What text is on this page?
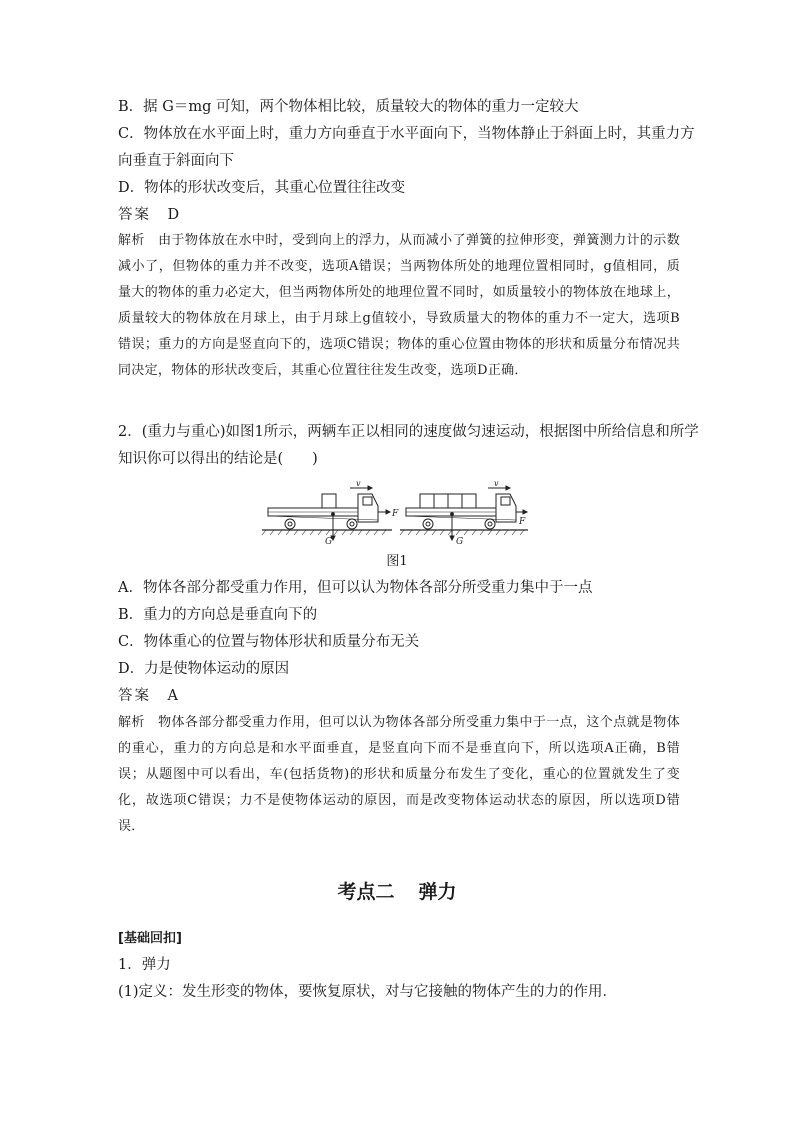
B．据 G＝mg 可知，两个物体相比较，质量较大的物体的重力一定较大
C．物体放在水平面上时，重力方向垂直于水平面向下，当物体静止于斜面上时，其重力方
向垂直于斜面向下
D．物体的形状改变后，其重心位置往往改变
答案　D
解析　由于物体放在水中时，受到向上的浮力，从而减小了弹簧的拉伸形变，弹簧测力计的示数减小了，但物体的重力并不改变，选项A错误；当两物体所处的地理位置相同时，g值相同，质量大的物体的重力必定大，但当两物体所处的地理位置不同时，如质量较小的物体放在地球上，质量较大的物体放在月球上，由于月球上g值较小，导致质量大的物体的重力不一定大，选项B错误；重力的方向是竖直向下的，选项C错误；物体的重心位置由物体的形状和质量分布情况共同决定，物体的形状改变后，其重心位置往往发生改变，选项D正确．
2．(重力与重心)如图1所示，两辆车正以相同的速度做匀速运动，根据图中所给信息和所学
知识你可以得出的结论是(　　)
v
F
G
v
F
G
图1
A．物体各部分都受重力作用，但可以认为物体各部分所受重力集中于一点
B．重力的方向总是垂直向下的
C．物体重心的位置与物体形状和质量分布无关
D．力是使物体运动的原因
答案　A
解析　物体各部分都受重力作用，但可以认为物体各部分所受重力集中于一点，这个点就是物体的重心，重力的方向总是和水平面垂直，是竖直向下而不是垂直向下，所以选项A正确，B错误；从题图中可以看出，车(包括货物)的形状和质量分布发生了变化，重心的位置就发生了变化，故选项C错误；力不是使物体运动的原因，而是改变物体运动状态的原因，所以选项D错误．
考点二 弹力
[基础回扣]
1．弹力
(1)定义：发生形变的物体，要恢复原状，对与它接触的物体产生的力的作用．
